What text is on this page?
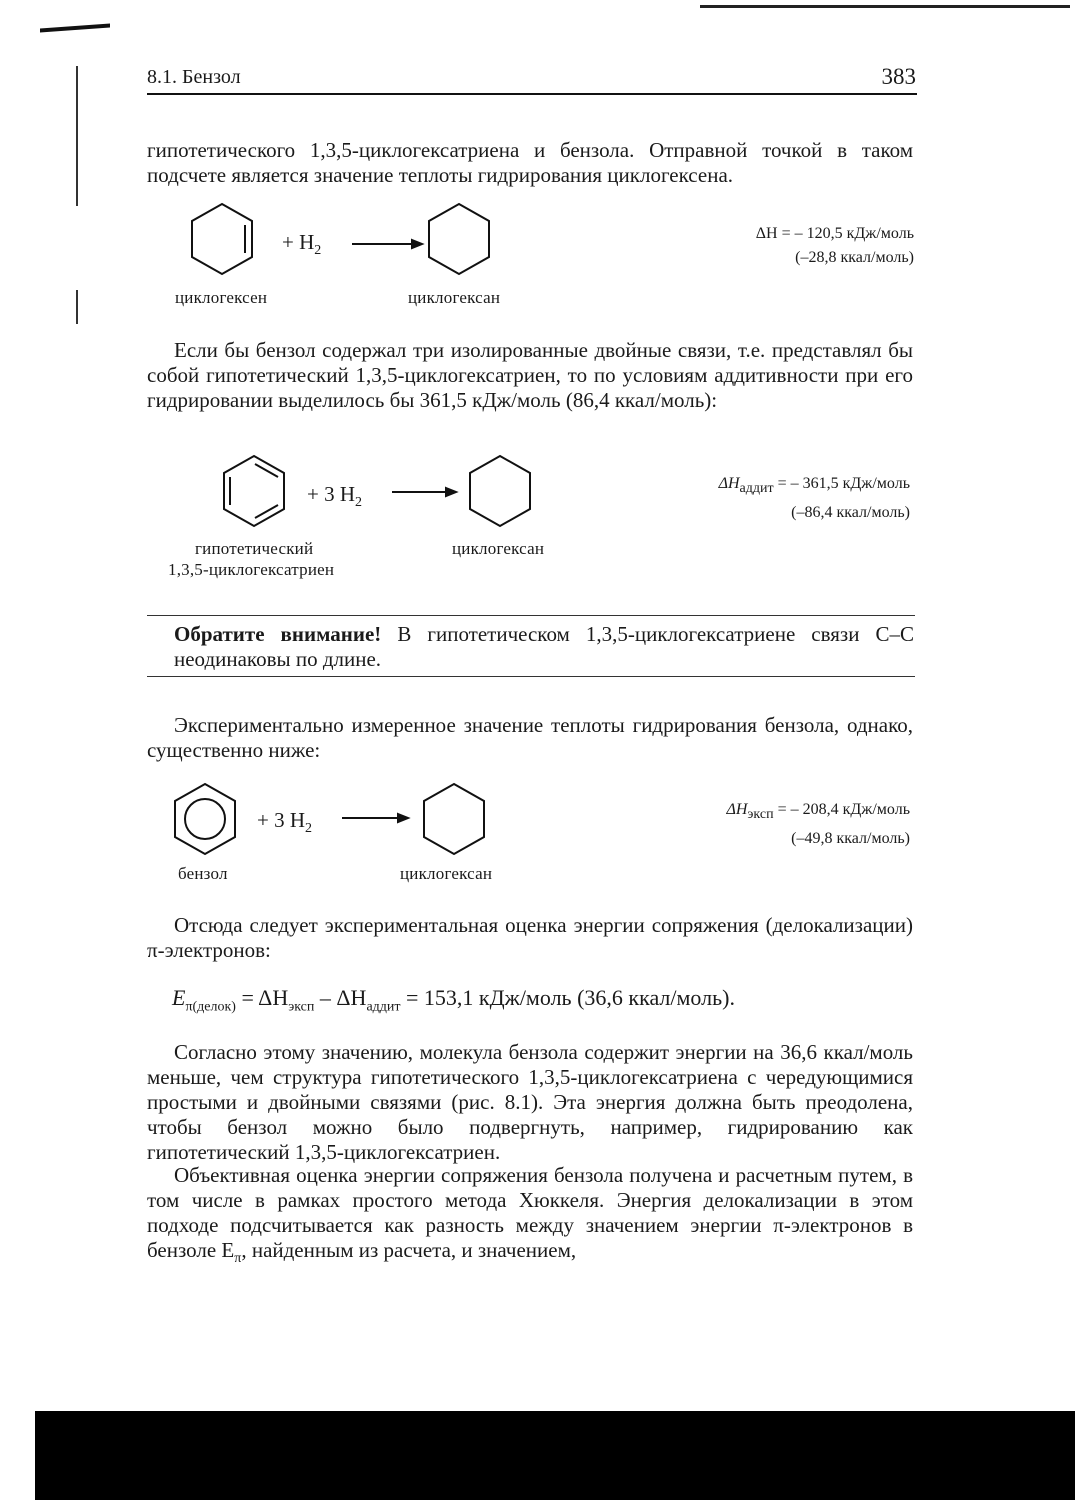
8.1. Бензол	383
гипотетического 1,3,5-циклогексатриена и бензола. Отправной точкой в таком подсчете является значение теплоты гидрирования циклогексена.
+ $H_2$
циклогексен	циклогексан
ΔH = – 120,5 кДж/моль
(–28,8 ккал/моль)
Если бы бензол содержал три изолированные двойные связи, т.е. представлял бы собой гипотетический 1,3,5-циклогексатриен, то по условиям аддитивности при его гидрировании выделилось бы 361,5 кДж/моль (86,4 ккал/моль):
+ 3 $H_2$
гипотетический
1,3,5-циклогексатриен
циклогексан
$\Delta H_{аддит}$ = – 361,5 кДж/моль
(–86,4 ккал/моль)
Обратите внимание! В гипотетическом 1,3,5-циклогексатриене связи С–С неодинаковы по длине.
Экспериментально измеренное значение теплоты гидрирования бензола, однако, существенно ниже:
+ 3 $H_2$
бензол	циклогексан
$\Delta H_{эксп}$ = – 208,4 кДж/моль
(–49,8 ккал/моль)
Отсюда следует экспериментальная оценка энергии сопряжения (делокализации) π-электронов:
$E_{\pi(делок)} = \Delta H_{эксп} - \Delta H_{аддит} = 153,1$ кДж/моль (36,6 ккал/моль).
Согласно этому значению, молекула бензола содержит энергии на 36,6 ккал/моль меньше, чем структура гипотетического 1,3,5-циклогексатриена с чередующимися простыми и двойными связями (рис. 8.1). Эта энергия должна быть преодолена, чтобы бензол можно было подвергнуть, например, гидрированию как гипотетический 1,3,5-циклогексатриен.
Объективная оценка энергии сопряжения бензола получена и расчетным путем, в том числе в рамках простого метода Хюккеля. Энергия делокализации в этом подходе подсчитывается как разность между значением энергии π-электронов в бензоле $E_\pi$, найденным из расчета, и значением,
